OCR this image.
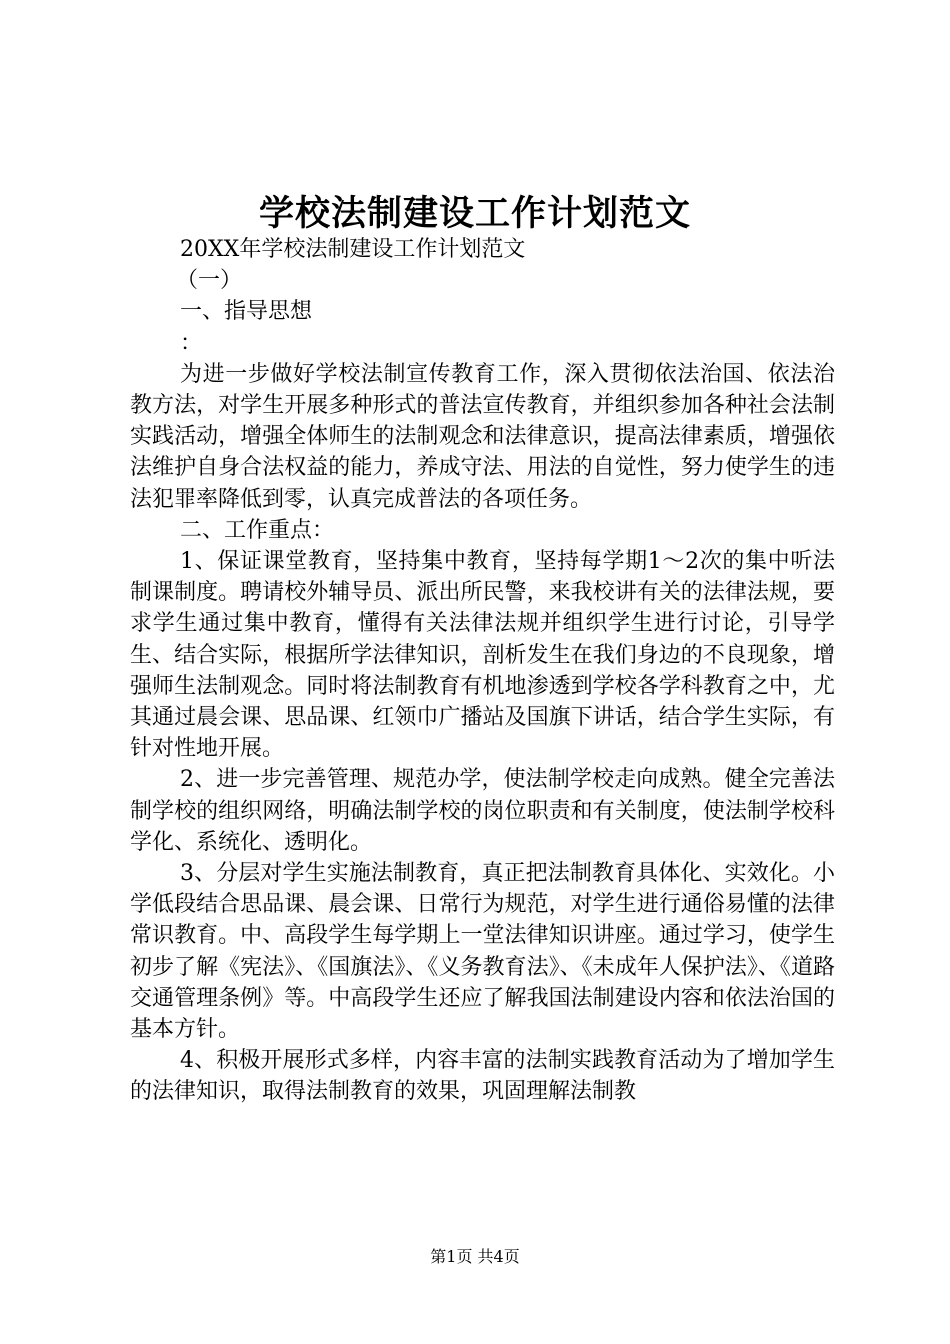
学校法制建设工作计划范文

20XX年学校法制建设工作计划范文

（一）

一、指导思想

：

为进一步做好学校法制宣传教育工作，深入贯彻依法治国、依法治教方法，对学生开展多种形式的普法宣传教育，并组织参加各种社会法制实践活动，增强全体师生的法制观念和法律意识，提高法律素质，增强依法维护自身合法权益的能力，养成守法、用法的自觉性，努力使学生的违法犯罪率降低到零，认真完成普法的各项任务。

二、工作重点：

1、保证课堂教育，坚持集中教育，坚持每学期1～2次的集中听法制课制度。聘请校外辅导员、派出所民警，来我校讲有关的法律法规，要求学生通过集中教育，懂得有关法律法规并组织学生进行讨论，引导学生、结合实际，根据所学法律知识，剖析发生在我们身边的不良现象，增强师生法制观念。同时将法制教育有机地渗透到学校各学科教育之中，尤其通过晨会课、思品课、红领巾广播站及国旗下讲话，结合学生实际，有针对性地开展。

2、进一步完善管理、规范办学，使法制学校走向成熟。健全完善法制学校的组织网络，明确法制学校的岗位职责和有关制度，使法制学校科学化、系统化、透明化。

3、分层对学生实施法制教育，真正把法制教育具体化、实效化。小学低段结合思品课、晨会课、日常行为规范，对学生进行通俗易懂的法律常识教育。中、高段学生每学期上一堂法律知识讲座。通过学习，使学生初步了解《宪法》、《国旗法》、《义务教育法》、《未成年人保护法》、《道路交通管理条例》等。中高段学生还应了解我国法制建设内容和依法治国的基本方针。

4、积极开展形式多样，内容丰富的法制实践教育活动为了增加学生的法律知识，取得法制教育的效果，巩固理解法制教

第1页 共4页
